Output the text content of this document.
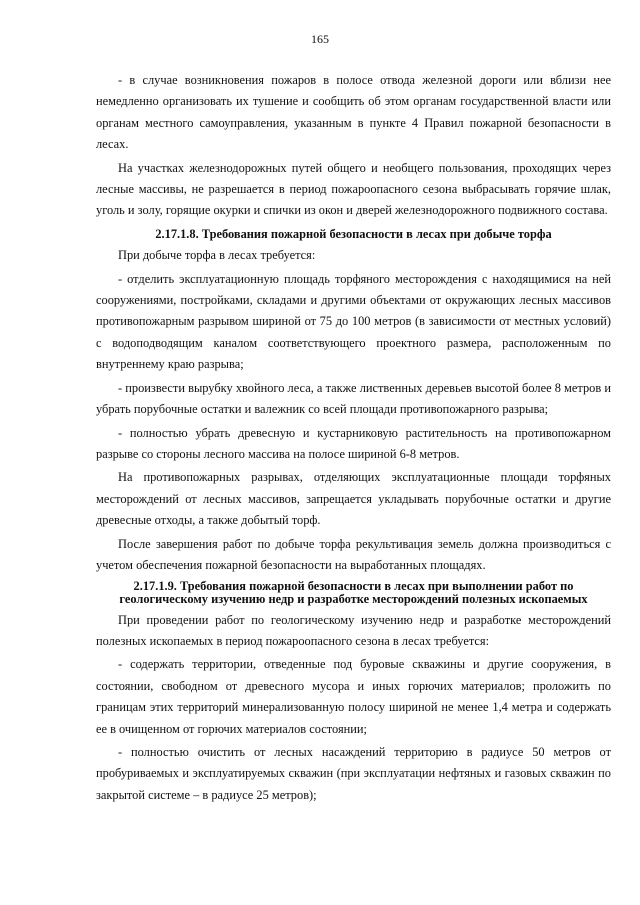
165

- в случае возникновения пожаров в полосе отвода железной дороги или вблизи нее немедленно организовать их тушение и сообщить об этом органам государственной власти или органам местного самоуправления, указанным в пункте 4 Правил пожарной безопасности в лесах.

На участках железнодорожных путей общего и необщего пользования, проходящих через лесные массивы, не разрешается в период пожароопасного сезона выбрасывать горячие шлак, уголь и золу, горящие окурки и спички из окон и дверей железнодорожного подвижного состава.

2.17.1.8. Требования пожарной безопасности в лесах при добыче торфа

При добыче торфа в лесах требуется:

- отделить эксплуатационную площадь торфяного месторождения с находящимися на ней сооружениями, постройками, складами и другими объектами от окружающих лесных массивов противопожарным разрывом шириной от 75 до 100 метров (в зависимости от местных условий) с водоподводящим каналом соответствующего проектного размера, расположенным по внутреннему краю разрыва;

- произвести вырубку хвойного леса, а также лиственных деревьев высотой более 8 метров и убрать порубочные остатки и валежник со всей площади противопожарного разрыва;

- полностью убрать древесную и кустарниковую растительность на противопожарном разрыве со стороны лесного массива на полосе шириной 6-8 метров.

На противопожарных разрывах, отделяющих эксплуатационные площади торфяных месторождений от лесных массивов, запрещается укладывать порубочные остатки и другие древесные отходы, а также добытый торф.

После завершения работ по добыче торфа рекультивация земель должна производиться с учетом обеспечения пожарной безопасности на выработанных площадях.

2.17.1.9. Требования пожарной безопасности в лесах при выполнении работ по геологическому изучению недр и разработке месторождений полезных ископаемых

При проведении работ по геологическому изучению недр и разработке месторождений полезных ископаемых в период пожароопасного сезона в лесах требуется:

- содержать территории, отведенные под буровые скважины и другие сооружения, в состоянии, свободном от древесного мусора и иных горючих материалов; проложить по границам этих территорий минерализованную полосу шириной не менее 1,4 метра и содержать ее в очищенном от горючих материалов состоянии;

- полностью очистить от лесных насаждений территорию в радиусе 50 метров от пробуриваемых и эксплуатируемых скважин (при эксплуатации нефтяных и газовых скважин по закрытой системе – в радиусе 25 метров);
